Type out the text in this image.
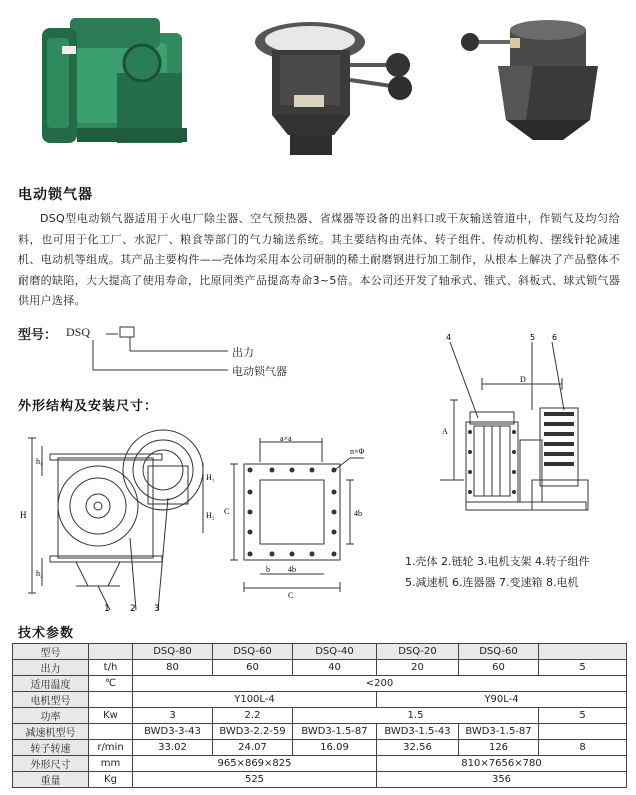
电动锁气器

DSQ型电动锁气器适用于火电厂除尘器、空气预热器、省煤器等设备的出料口或干灰输送管道中，作锁气及均匀给料，也可用于化工厂、水泥厂、粮食等部门的气力输送系统。其主要结构由壳体、转子组件、传动机构、摆线针轮减速机、电动机等组成。其产品主要构件——壳体均采用本公司研制的稀土耐磨钢进行加工制作，从根本上解决了产品整体不耐磨的缺陷，大大提高了使用寿命，比原同类产品提高寿命3~5倍。本公司还开发了轴承式、锥式、斜板式、球式锁气器供用户选择。

型号： DSQ
出力
电动锁气器
外形结构及安装尺寸：
H
h₁
h₂
1 2 3
H₁
H₂
a×a
n×Φ
4b
C
b 4b
C
4	5 6
D
A
1.壳体 2.链轮 3.电机支架 4.转子组件
5.减速机 6.连器器 7.变速箱 8.电机
技术参数
型号		DSQ-80	DSQ-60	DSQ-40	DSQ-20	DSQ-60	
出力	t/h	80	60	40	20	60	5
适用温度	℃	<200					
电机型号		Y100L-4			Y90L-4		
功率	Kw	3	2.2	1.5			5
减速机型号		BWD3-3-43	BWD3-2.2-59	BWD3-1.5-87	BWD3-1.5-43	BWD3-1.5-87	
转子转速	r/min	33.02	24.07	16.09	32.56	126	8
外形尺寸	mm	965×869×825			810×7656×780		
重量	Kg	525			356		
